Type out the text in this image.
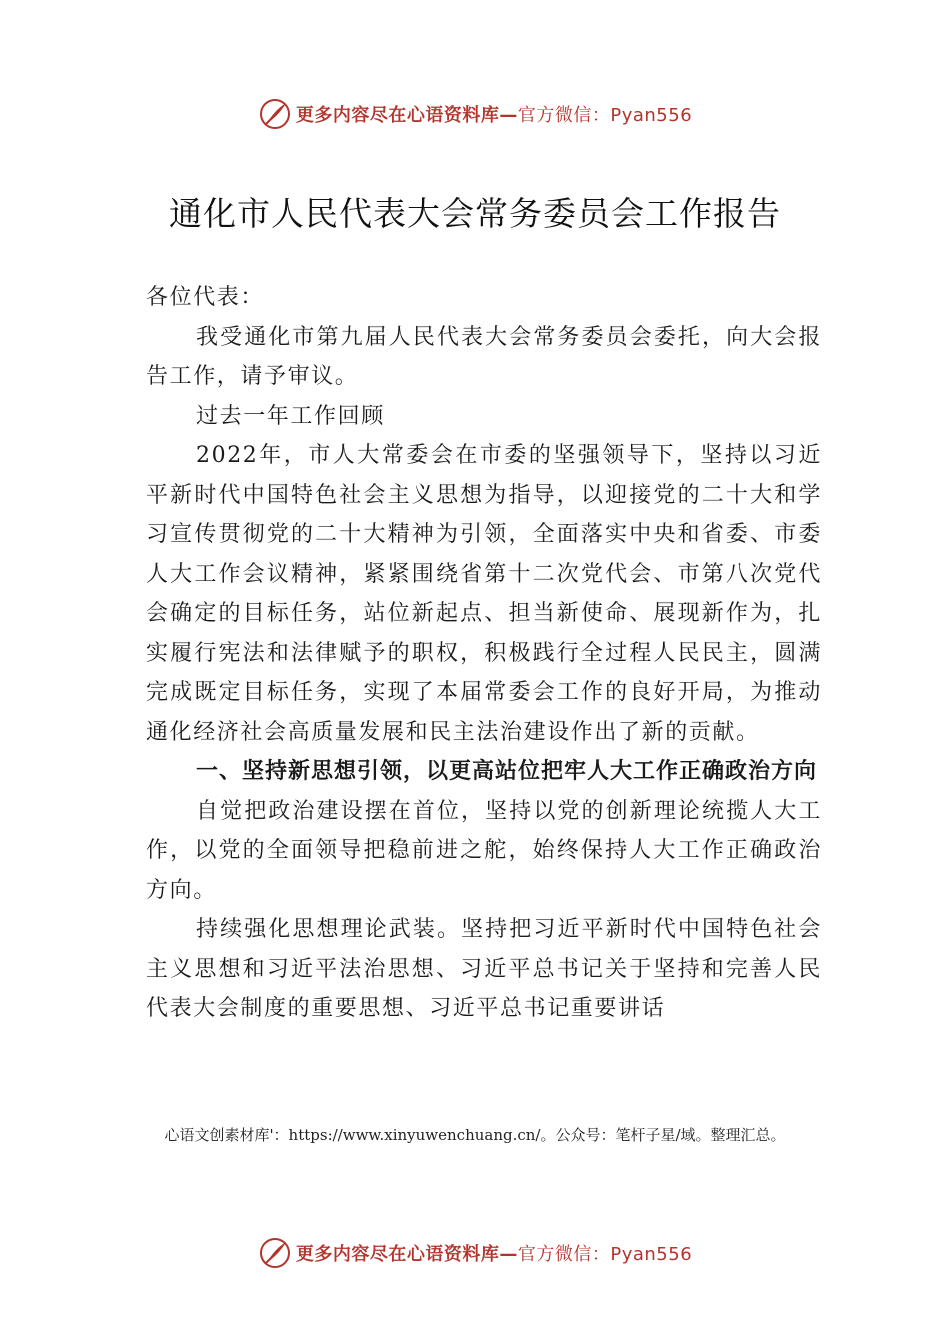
更多内容尽在心语资料库—官方微信：Pyan556
通化市人民代表大会常务委员会工作报告

各位代表：

我受通化市第九届人民代表大会常务委员会委托，向大会报告工作，请予审议。

过去一年工作回顾

2022年，市人大常委会在市委的坚强领导下，坚持以习近平新时代中国特色社会主义思想为指导，以迎接党的二十大和学习宣传贯彻党的二十大精神为引领，全面落实中央和省委、市委人大工作会议精神，紧紧围绕省第十二次党代会、市第八次党代会确定的目标任务，站位新起点、担当新使命、展现新作为，扎实履行宪法和法律赋予的职权，积极践行全过程人民民主，圆满完成既定目标任务，实现了本届常委会工作的良好开局，为推动通化经济社会高质量发展和民主法治建设作出了新的贡献。

一、坚持新思想引领，以更高站位把牢人大工作正确政治方向

自觉把政治建设摆在首位，坚持以党的创新理论统揽人大工作，以党的全面领导把稳前进之舵，始终保持人大工作正确政治方向。

持续强化思想理论武装。坚持把习近平新时代中国特色社会主义思想和习近平法治思想、习近平总书记关于坚持和完善人民代表大会制度的重要思想、习近平总书记重要讲话

心语文创素材库'：https://www.xinyuwenchuang.cn/。公众号：笔杆子星/域。整理汇总。
更多内容尽在心语资料库—官方微信：Pyan556
